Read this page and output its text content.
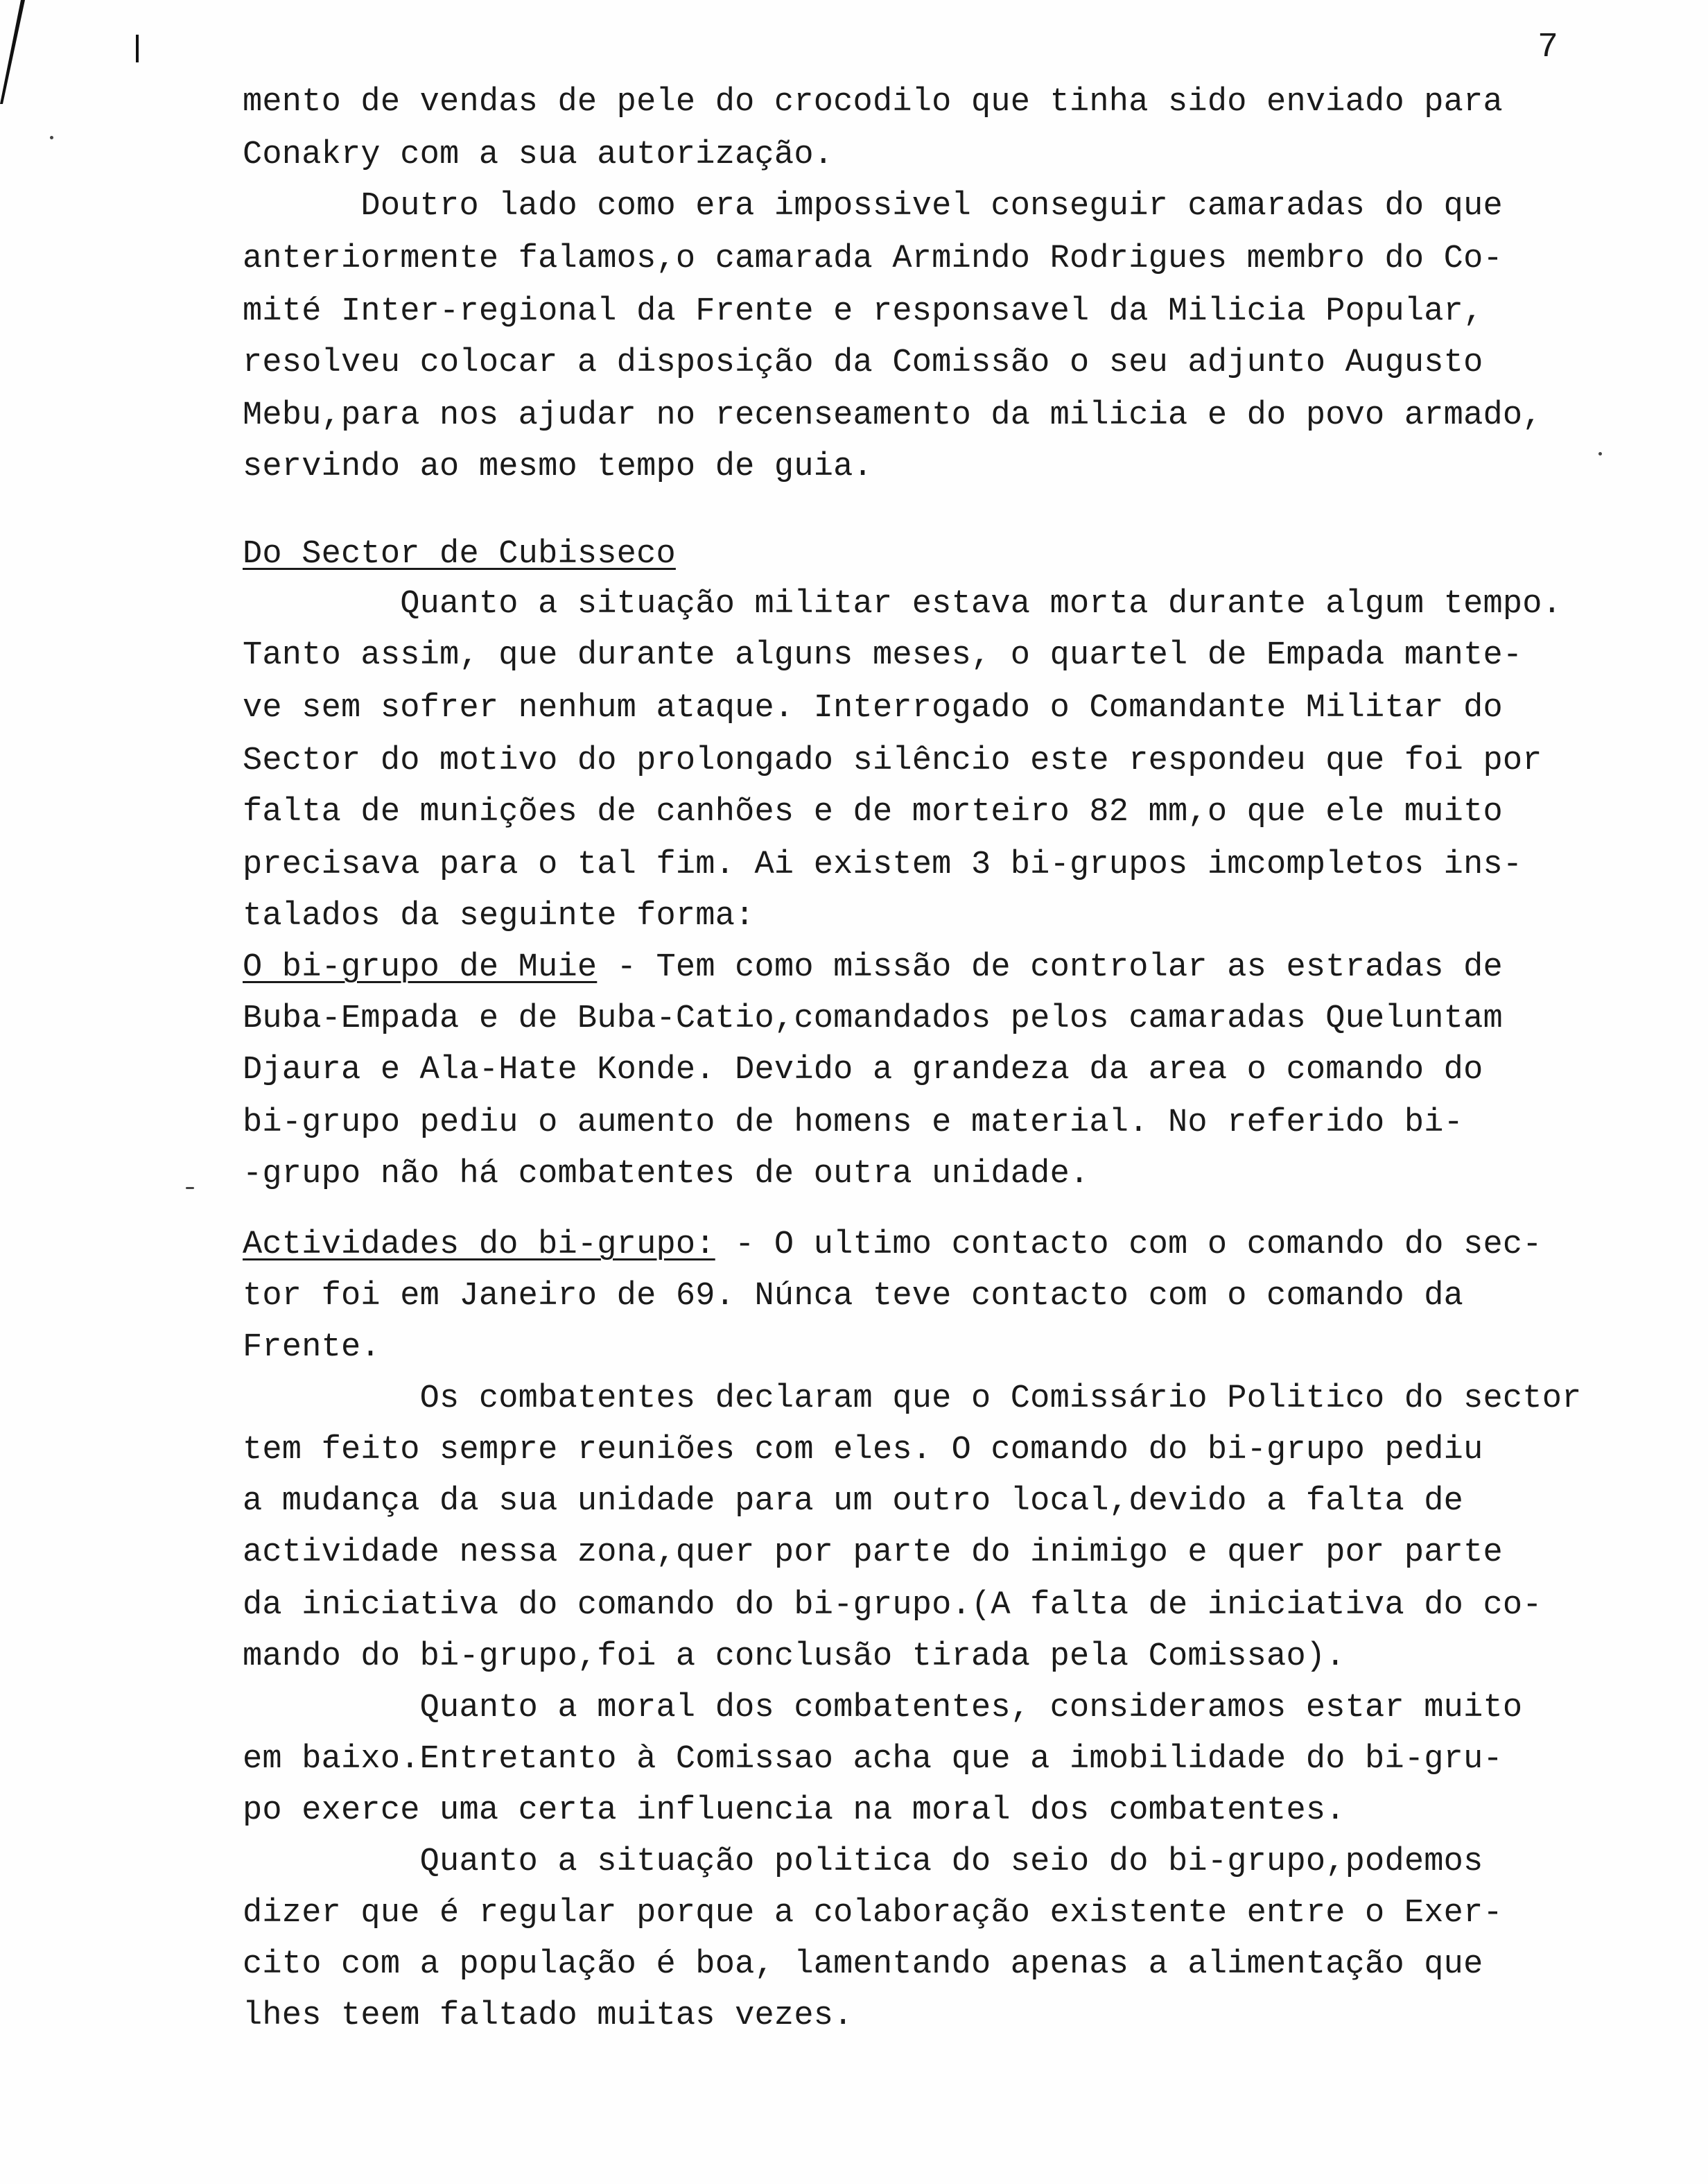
7
mento de vendas de pele do crocodilo que tinha sido enviado para
Conakry com a sua autorização.
Doutro lado como era impossivel conseguir camaradas do que
anteriormente falamos,o camarada Armindo Rodrigues membro do Co-
mité Inter-regional da Frente e responsavel da Milicia Popular,
resolveu colocar a disposição da Comissão o seu adjunto Augusto
Mebu,para nos ajudar no recenseamento da milicia e do povo armado,
servindo ao mesmo tempo de guia.
Do Sector de Cubisseco
Quanto a situação militar estava morta durante algum tempo.
Tanto assim, que durante alguns meses, o quartel de Empada mante-
ve sem sofrer nenhum ataque. Interrogado o Comandante Militar do
Sector do motivo do prolongado silêncio este respondeu que foi por
falta de munições de canhões e de morteiro 82 mm,o que ele muito
precisava para o tal fim. Ai existem 3 bi-grupos imcompletos ins-
talados da seguinte forma:
O bi-grupo de Muie - Tem como missão de controlar as estradas de
Buba-Empada e de Buba-Catio,comandados pelos camaradas Queluntam
Djaura e Ala-Hate Konde. Devido a grandeza da area o comando do
bi-grupo pediu o aumento de homens e material. No referido bi-
-grupo não há combatentes de outra unidade.
Actividades do bi-grupo: - O ultimo contacto com o comando do sec-
tor foi em Janeiro de 69. Núnca teve contacto com o comando da
Frente.
Os combatentes declaram que o Comissário Politico do sector
tem feito sempre reuniões com eles. O comando do bi-grupo pediu
a mudança da sua unidade para um outro local,devido a falta de
actividade nessa zona,quer por parte do inimigo e quer por parte
da iniciativa do comando do bi-grupo.(A falta de iniciativa do co-
mando do bi-grupo,foi a conclusão tirada pela Comissao).
Quanto a moral dos combatentes, consideramos estar muito
em baixo.Entretanto à Comissao acha que a imobilidade do bi-gru-
po exerce uma certa influencia na moral dos combatentes.
Quanto a situação politica do seio do bi-grupo,podemos
dizer que é regular porque a colaboração existente entre o Exer-
cito com a população é boa, lamentando apenas a alimentação que
lhes teem faltado muitas vezes.
